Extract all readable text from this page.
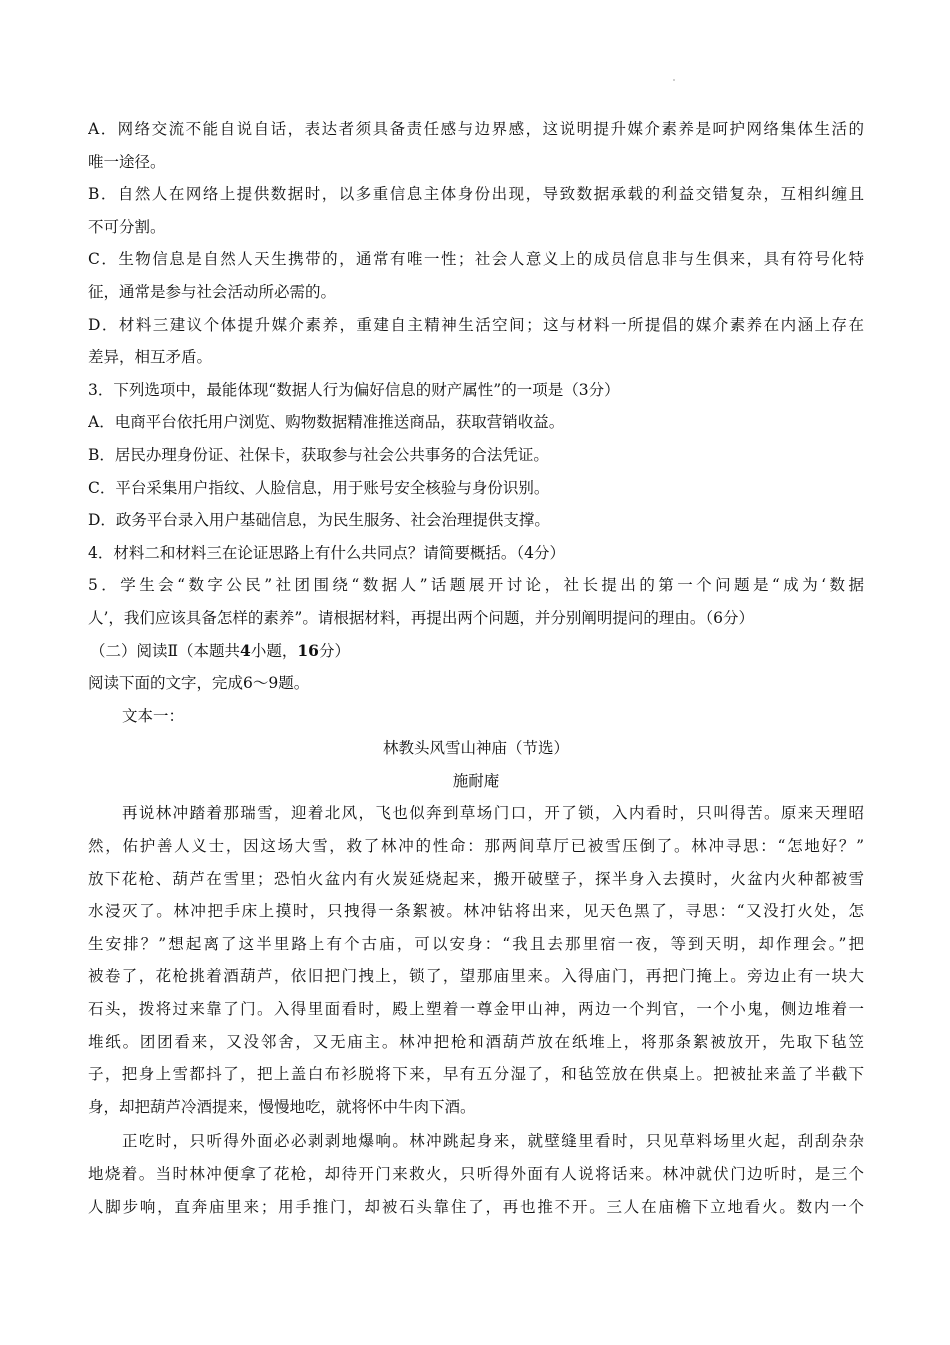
A．网络交流不能自说自话，表达者须具备责任感与边界感，这说明提升媒介素养是呵护网络集体生活的
唯一途径。
B．自然人在网络上提供数据时，以多重信息主体身份出现，导致数据承载的利益交错复杂，互相纠缠且
不可分割。
C．生物信息是自然人天生携带的，通常有唯一性；社会人意义上的成员信息非与生俱来，具有符号化特
征，通常是参与社会活动所必需的。
D．材料三建议个体提升媒介素养，重建自主精神生活空间；这与材料一所提倡的媒介素养在内涵上存在
差异，相互矛盾。
3．下列选项中，最能体现“数据人行为偏好信息的财产属性”的一项是（3分）
A．电商平台依托用户浏览、购物数据精准推送商品，获取营销收益。
B．居民办理身份证、社保卡，获取参与社会公共事务的合法凭证。
C．平台采集用户指纹、人脸信息，用于账号安全核验与身份识别。
D．政务平台录入用户基础信息，为民生服务、社会治理提供支撑。
4．材料二和材料三在论证思路上有什么共同点？请简要概括。（4分）
5．学生会“数字公民”社团围绕“数据人”话题展开讨论，社长提出的第一个问题是“成为‘数据
人’，我们应该具备怎样的素养”。请根据材料，再提出两个问题，并分别阐明提问的理由。（6分）
（二）阅读Ⅱ（本题共4小题，16分）
阅读下面的文字，完成6～9题。
文本一：
林教头风雪山神庙（节选）
施耐庵
再说林冲踏着那瑞雪，迎着北风，飞也似奔到草场门口，开了锁，入内看时，只叫得苦。原来天理昭
然，佑护善人义士，因这场大雪，救了林冲的性命：那两间草厅已被雪压倒了。林冲寻思：“怎地好？”
放下花枪、葫芦在雪里；恐怕火盆内有火炭延烧起来，搬开破壁子，探半身入去摸时，火盆内火种都被雪
水浸灭了。林冲把手床上摸时，只拽得一条絮被。林冲钻将出来，见天色黑了，寻思：“又没打火处，怎
生安排？”想起离了这半里路上有个古庙，可以安身：“我且去那里宿一夜，等到天明，却作理会。”把
被卷了，花枪挑着酒葫芦，依旧把门拽上，锁了，望那庙里来。入得庙门，再把门掩上。旁边止有一块大
石头，拨将过来靠了门。入得里面看时，殿上塑着一尊金甲山神，两边一个判官，一个小鬼，侧边堆着一
堆纸。团团看来，又没邻舍，又无庙主。林冲把枪和酒葫芦放在纸堆上，将那条絮被放开，先取下毡笠
子，把身上雪都抖了，把上盖白布衫脱将下来，早有五分湿了，和毡笠放在供桌上。把被扯来盖了半截下
身，却把葫芦冷酒提来，慢慢地吃，就将怀中牛肉下酒。
正吃时，只听得外面必必剥剥地爆响。林冲跳起身来，就壁缝里看时，只见草料场里火起，刮刮杂杂
地烧着。当时林冲便拿了花枪，却待开门来救火，只听得外面有人说将话来。林冲就伏门边听时，是三个
人脚步响，直奔庙里来；用手推门，却被石头靠住了，再也推不开。三人在庙檐下立地看火。数内一个
